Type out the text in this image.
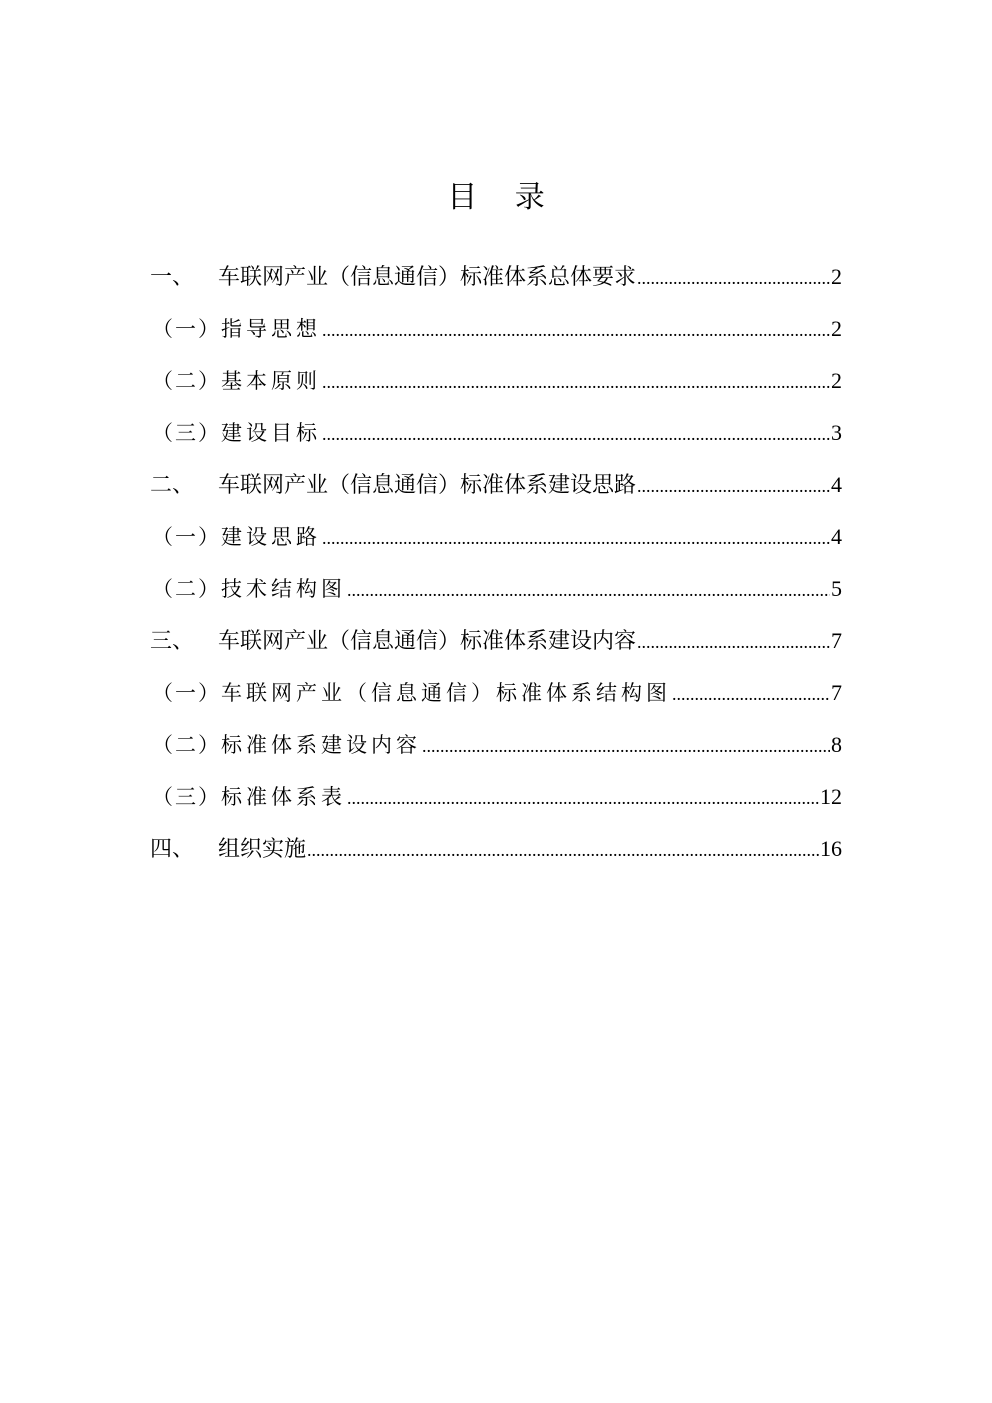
目 录
一、	车联网产业（信息通信）标准体系总体要求 .....	2
（一） 指导思想 .....	2
（二） 基本原则 .....	2
（三） 建设目标 .....	3
二、	车联网产业（信息通信）标准体系建设思路 .....	4
（一） 建设思路 .....	4
（二） 技术结构图 .....	5
三、	车联网产业（信息通信）标准体系建设内容 .....	7
（一） 车联网产业（信息通信）标准体系结构图 .....	7
（二） 标准体系建设内容 .....	8
（三） 标准体系表 .....	12
四、	组织实施 .....	16
